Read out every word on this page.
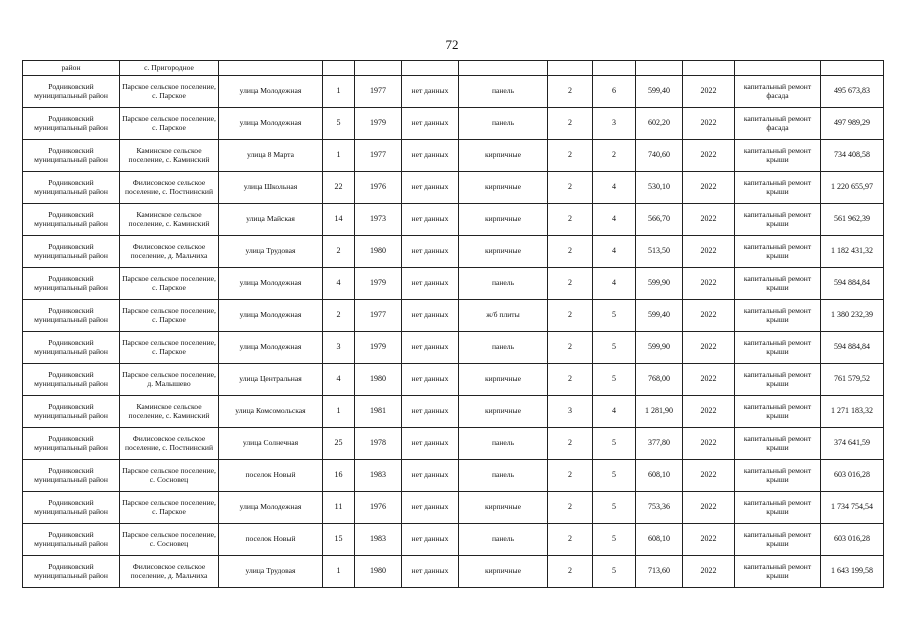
72
район	с. Пригородное											
Родниковский муниципальный район	Парское сельское поселение, с. Парское	улица Молодежная	1	1977	нет данных	панель	2	6	599,40	2022	капитальный ремонт фасада	495 673,83
Родниковский муниципальный район	Парское сельское поселение, с. Парское	улица Молодежная	5	1979	нет данных	панель	2	3	602,20	2022	капитальный ремонт фасада	497 989,29
Родниковский муниципальный район	Каминское сельское поселение, с. Каминский	улица 8 Марта	1	1977	нет данных	кирпичные	2	2	740,60	2022	капитальный ремонт крыши	734 408,58
Родниковский муниципальный район	Филисовское сельское поселение, с. Постнинский	улица Школьная	22	1976	нет данных	кирпичные	2	4	530,10	2022	капитальный ремонт крыши	1 220 655,97
Родниковский муниципальный район	Каминское сельское поселение, с. Каминский	улица Майская	14	1973	нет данных	кирпичные	2	4	566,70	2022	капитальный ремонт крыши	561 962,39
Родниковский муниципальный район	Филисовское сельское поселение, д. Мальчиха	улица Трудовая	2	1980	нет данных	кирпичные	2	4	513,50	2022	капитальный ремонт крыши	1 182 431,32
Родниковский муниципальный район	Парское сельское поселение, с. Парское	улица Молодежная	4	1979	нет данных	панель	2	4	599,90	2022	капитальный ремонт крыши	594 884,84
Родниковский муниципальный район	Парское сельское поселение, с. Парское	улица Молодежная	2	1977	нет данных	ж/б плиты	2	5	599,40	2022	капитальный ремонт крыши	1 380 232,39
Родниковский муниципальный район	Парское сельское поселение, с. Парское	улица Молодежная	3	1979	нет данных	панель	2	5	599,90	2022	капитальный ремонт крыши	594 884,84
Родниковский муниципальный район	Парское сельское поселение, д. Малышево	улица Центральная	4	1980	нет данных	кирпичные	2	5	768,00	2022	капитальный ремонт крыши	761 579,52
Родниковский муниципальный район	Каминское сельское поселение, с. Каминский	улица Комсомольская	1	1981	нет данных	кирпичные	3	4	1 281,90	2022	капитальный ремонт крыши	1 271 183,32
Родниковский муниципальный район	Филисовское сельское поселение, с. Постнинский	улица Солнечная	25	1978	нет данных	панель	2	5	377,80	2022	капитальный ремонт крыши	374 641,59
Родниковский муниципальный район	Парское сельское поселение, с. Сосновец	поселок Новый	16	1983	нет данных	панель	2	5	608,10	2022	капитальный ремонт крыши	603 016,28
Родниковский муниципальный район	Парское сельское поселение, с. Парское	улица Молодежная	11	1976	нет данных	кирпичные	2	5	753,36	2022	капитальный ремонт крыши	1 734 754,54
Родниковский муниципальный район	Парское сельское поселение, с. Сосновец	поселок Новый	15	1983	нет данных	панель	2	5	608,10	2022	капитальный ремонт крыши	603 016,28
Родниковский муниципальный район	Филисовское сельское поселение, д. Мальчиха	улица Трудовая	1	1980	нет данных	кирпичные	2	5	713,60	2022	капитальный ремонт крыши	1 643 199,58
